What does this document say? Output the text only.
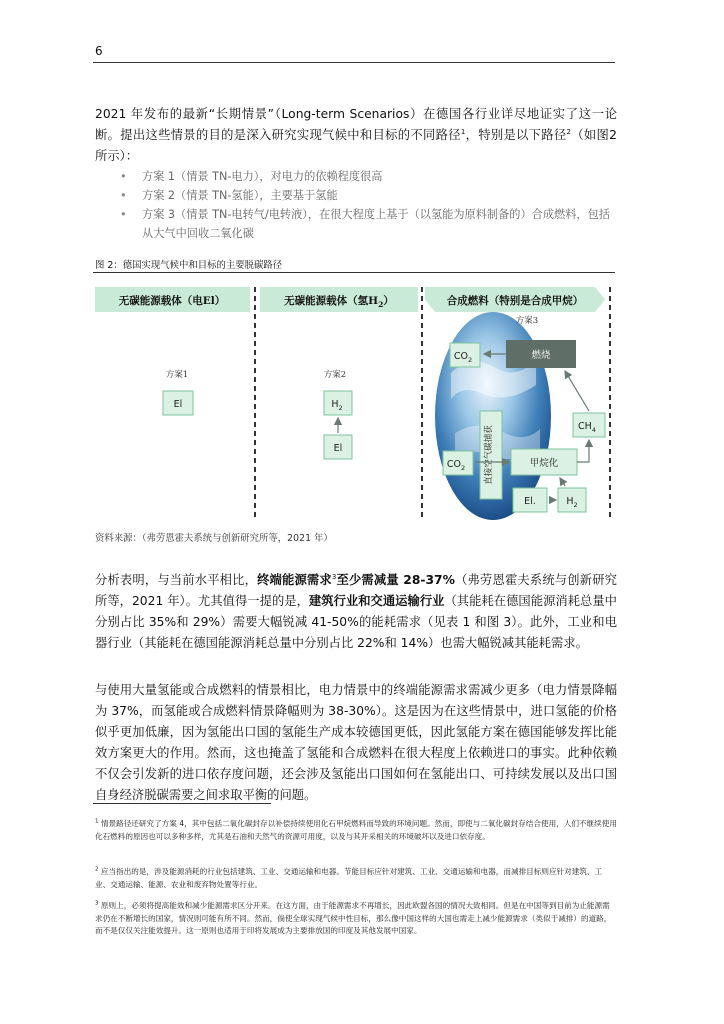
6

2021 年发布的最新“长期情景”（Long-term Scenarios）在德国各行业详尽地证实了这一论断。提出这些情景的目的是深入研究实现气候中和目标的不同路径$^1$，特别是以下路径$^2$（如图2 所示）：

• 方案 1（情景 TN-电力），对电力的依赖程度很高
• 方案 2（情景 TN-氢能），主要基于氢能
• 方案 3（情景 TN-电转气/电转液），在很大程度上基于（以氢能为原料制备的）合成燃料，包括从大气中回收二氧化碳
图 2：德国实现气候中和目标的主要脱碳路径
无碳能源载体（电El）	无碳能源载体（氢$H_2$）	合成燃料（特别是合成甲烷）
方案1
El
方案2
$H_2$
El
方案3
$CO_2$	燃烧
直接空气碳捕获
$CO_2$	甲烷化
$CH_4$
El.	$H_2$
资料来源：（弗劳恩霍夫系统与创新研究所等，2021 年）

分析表明，与当前水平相比，终端能源需求$^3$至少需减量 28-37%（弗劳恩霍夫系统与创新研究所等，2021 年）。尤其值得一提的是，建筑行业和交通运输行业（其能耗在德国能源消耗总量中分别占比 35%和 29%）需要大幅锐减 41-50%的能耗需求（见表 1 和图 3）。此外，工业和电器行业（其能耗在德国能源消耗总量中分别占比 22%和 14%）也需大幅锐减其能耗需求。

与使用大量氢能或合成燃料的情景相比，电力情景中的终端能源需求需减少更多（电力情景降幅为 37%，而氢能或合成燃料情景降幅则为 38-30%）。这是因为在这些情景中，进口氢能的价格似乎更加低廉，因为氢能出口国的氢能生产成本较德国更低，因此氢能方案在德国能够发挥比能效方案更大的作用。然而，这也掩盖了氢能和合成燃料在很大程度上依赖进口的事实。此种依赖不仅会引发新的进口依存度问题，还会涉及氢能出口国如何在氢能出口、可持续发展以及出口国自身经济脱碳需要之间求取平衡的问题。

$^1$ 情景路径还研究了方案 4，其中包括二氧化碳封存以补偿持续使用化石甲烷燃料而导致的环境问题。然而，即使与二氧化碳封存结合使用，人们不继续使用化石燃料的原因也可以多种多样，尤其是石油和天然气的资源可用度，以及与其开采相关的环境破坏以及进口依存度。

$^2$ 应当指出的是，涉及能源消耗的行业包括建筑、工业、交通运输和电器。节能目标应针对建筑、工业、交通运输和电器，而减排目标则应针对建筑、工业、交通运输、能源、农业和废弃物处置等行业。

$^3$ 原则上，必须将提高能效和减少能源需求区分开来。在这方面，由于能源需求不再增长，因此欧盟各国的情况大致相同。但是在中国等到目前为止能源需求仍在不断增长的国家，情况则可能有所不同。然而，倘使全球实现气候中性目标，那么像中国这样的大国也需走上减少能源需求（类似于减排）的道路，而不是仅仅关注能效提升。这一原则也适用于印将发展成为主要排放国的印度及其他发展中国家。
